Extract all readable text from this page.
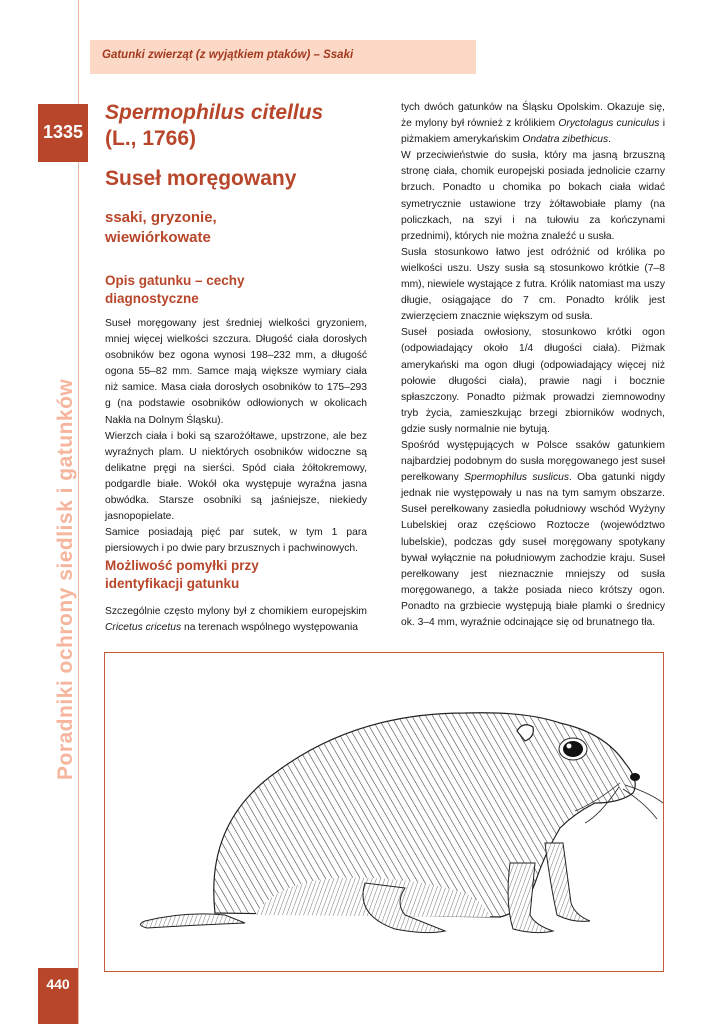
Gatunki zwierząt (z wyjątkiem ptaków) – Ssaki
1335
Poradniki ochrony siedlisk i gatunków
Spermophilus citellus
(L., 1766)
Suseł moręgowany
ssaki, gryzonie,
wiewiórkowate
Opis gatunku – cechy diagnostyczne

Suseł moręgowany jest średniej wielkości gryzoniem, mniej więcej wielkości szczura. Długość ciała dorosłych osobników bez ogona wynosi 198–232 mm, a długość ogona 55–82 mm. Samce mają większe wymiary ciała niż samice. Masa ciała dorosłych osobników to 175–293 g (na podstawie osobników odłowionych w okolicach Nakła na Dolnym Śląsku).

Wierzch ciała i boki są szarożółtawe, upstrzone, ale bez wyraźnych plam. U niektórych osobników widoczne są delikatne pręgi na sierści. Spód ciała żółtokremowy, podgardle białe. Wokół oka występuje wyraźna jasna obwódka. Starsze osobniki są jaśniejsze, niekiedy jasnopopielate.

Samice posiadają pięć par sutek, w tym 1 para piersiowych i po dwie pary brzusznych i pachwinowych.

Możliwość pomyłki przy identyfikacji gatunku

Szczególnie często mylony był z chomikiem europejskim Cricetus cricetus na terenach wspólnego występowania

tych dwóch gatunków na Śląsku Opolskim. Okazuje się, że mylony był również z królikiem Oryctolagus cuniculus i piżmakiem amerykańskim Ondatra zibethicus.

W przeciwieństwie do susła, który ma jasną brzuszną stronę ciała, chomik europejski posiada jednolicie czarny brzuch. Ponadto u chomika po bokach ciała widać symetrycznie ustawione trzy żółtawobiałe plamy (na policzkach, na szyi i na tułowiu za kończynami przednimi), których nie można znaleźć u susła.

Susła stosunkowo łatwo jest odróżnić od królika po wielkości uszu. Uszy susła są stosunkowo krótkie (7–8 mm), niewiele wystające z futra. Królik natomiast ma uszy długie, osiągające do 7 cm. Ponadto królik jest zwierzęciem znacznie większym od susła.

Suseł posiada owłosiony, stosunkowo krótki ogon (odpowiadający około 1/4 długości ciała). Piżmak amerykański ma ogon długi (odpowiadający więcej niż połowie długości ciała), prawie nagi i bocznie spłaszczony. Ponadto piżmak prowadzi ziemnowodny tryb życia, zamieszkując brzegi zbiorników wodnych, gdzie susły normalnie nie bytują.

Spośród występujących w Polsce ssaków gatunkiem najbardziej podobnym do susła moręgowanego jest suseł perełkowany Spermophilus suslicus. Oba gatunki nigdy jednak nie występowały u nas na tym samym obszarze. Suseł perełkowany zasiedla południowy wschód Wyżyny Lubelskiej oraz częściowo Roztocze (województwo lubelskie), podczas gdy suseł moręgowany spotykany bywał wyłącznie na południowym zachodzie kraju. Suseł perełkowany jest nieznacznie mniejszy od susła moręgowanego, a także posiada nieco krótszy ogon. Ponadto na grzbiecie występują białe plamki o średnicy ok. 3–4 mm, wyraźnie odcinające się od brunatnego tła.

440
